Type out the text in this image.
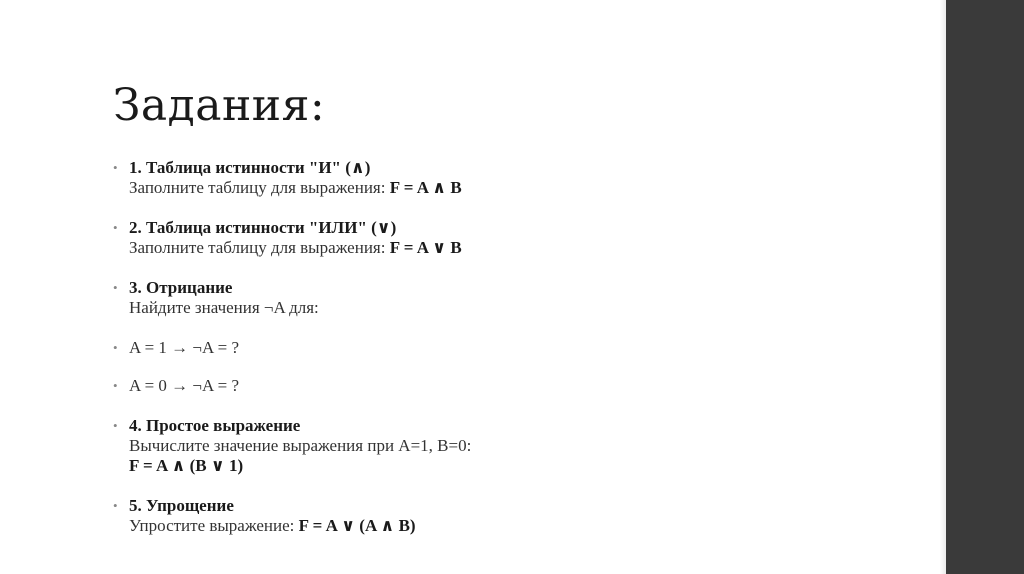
Задания:
• 1. Таблица истинности "И" (∧)
Заполните таблицу для выражения: F = A ∧ B
• 2. Таблица истинности "ИЛИ" (∨)
Заполните таблицу для выражения: F = A ∨ B
• 3. Отрицание
Найдите значения ¬A для:
• A = 1 → ¬A = ?
• A = 0 → ¬A = ?
• 4. Простое выражение
Вычислите значение выражения при A=1, B=0:
F = A ∧ (B ∨ 1)
• 5. Упрощение
Упростите выражение: F = A ∨ (A ∧ B)
